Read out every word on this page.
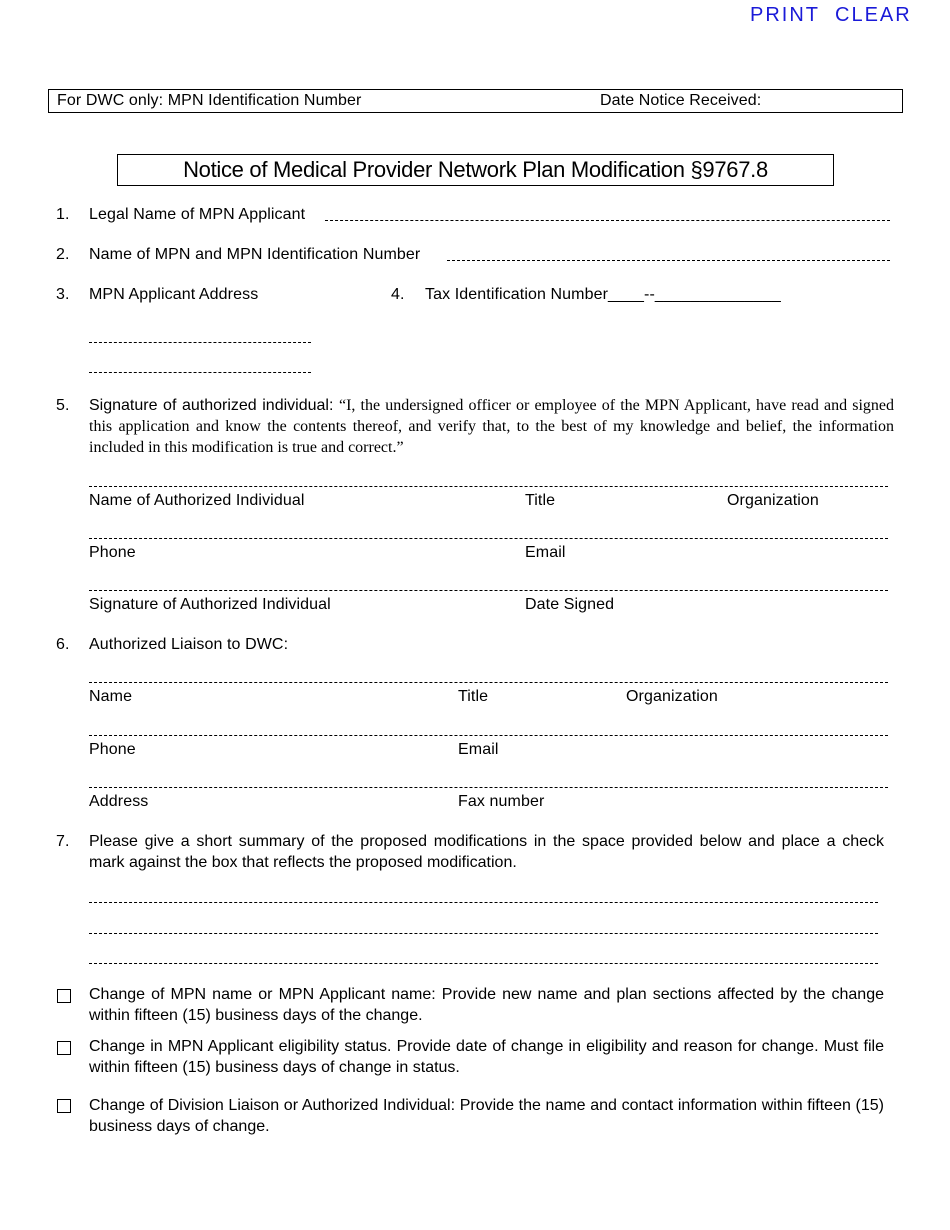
PRINT CLEAR
For DWC only: MPN Identification Number	Date Notice Received:
Notice of Medical Provider Network Plan Modification §9767.8
1. Legal Name of MPN Applicant
2. Name of MPN and MPN Identification Number
3. MPN Applicant Address	4. Tax Identification Number____--______________
5. Signature of authorized individual: “I, the undersigned officer or employee of the MPN Applicant, have read and signed this application and know the contents thereof, and verify that, to the best of my knowledge and belief, the information included in this modification is true and correct.”
Name of Authorized Individual	Title	Organization
Phone	Email
Signature of Authorized Individual	Date Signed
6. Authorized Liaison to DWC:
Name	Title	Organization
Phone	Email
Address	Fax number
7. Please give a short summary of the proposed modifications in the space provided below and place a check mark against the box that reflects the proposed modification.
Change of MPN name or MPN Applicant name: Provide new name and plan sections affected by the change within fifteen (15) business days of the change.
Change in MPN Applicant eligibility status. Provide date of change in eligibility and reason for change. Must file within fifteen (15) business days of change in status.
Change of Division Liaison or Authorized Individual: Provide the name and contact information within fifteen (15) business days of change.
